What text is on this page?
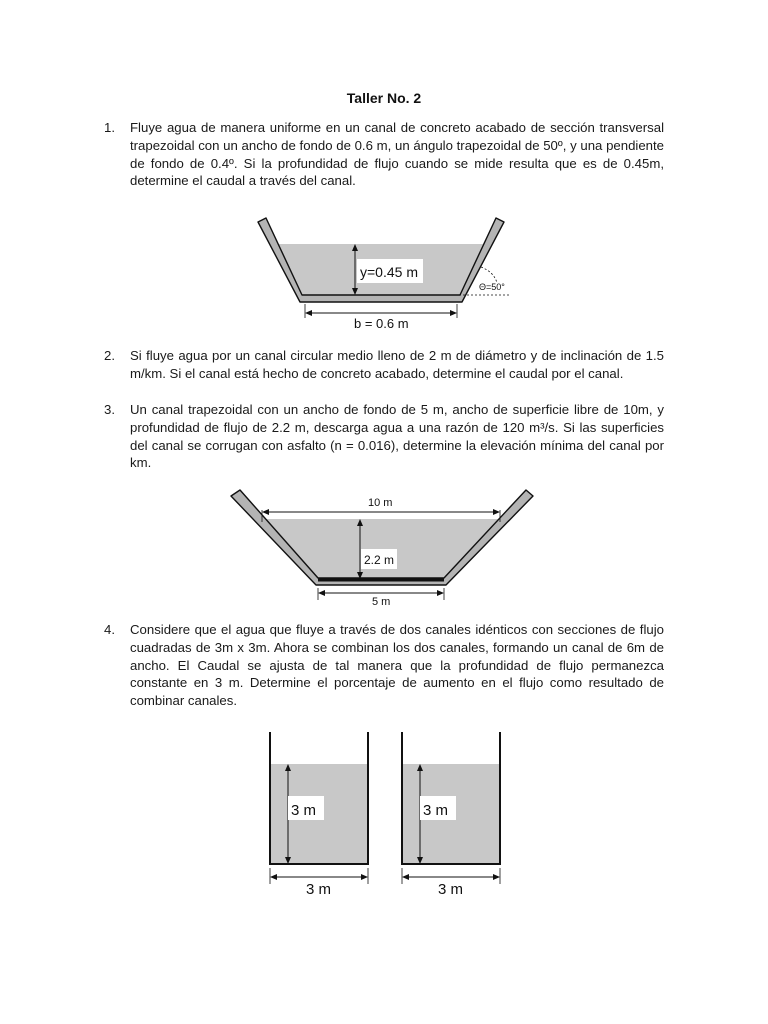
Taller No. 2
1. Fluye agua de manera uniforme en un canal de concreto acabado de sección transversal trapezoidal con un ancho de fondo de 0.6 m, un ángulo trapezoidal de 50º, y una pendiente de fondo de 0.4º. Si la profundidad de flujo cuando se mide resulta que es de 0.45m, determine el caudal a través del canal.
2. Si fluye agua por un canal circular medio lleno de 2 m de diámetro y de inclinación de 1.5 m/km. Si el canal está hecho de concreto acabado, determine el caudal por el canal.
3. Un canal trapezoidal con un ancho de fondo de 5 m, ancho de superficie libre de 10m, y profundidad de flujo de 2.2 m, descarga agua a una razón de 120 m³/s. Si las superficies del canal se corrugan con asfalto (n = 0.016), determine la elevación mínima del canal por km.
4. Considere que el agua que fluye a través de dos canales idénticos con secciones de flujo cuadradas de 3m x 3m. Ahora se combinan los dos canales, formando un canal de 6m de ancho. El Caudal se ajusta de tal manera que la profundidad de flujo permanezca constante en 3 m. Determine el porcentaje de aumento en el flujo como resultado de combinar canales.
y=0.45 m
Θ=50°
b = 0.6 m
10 m
2.2 m
5 m
3 m
3 m
3 m
3 m
